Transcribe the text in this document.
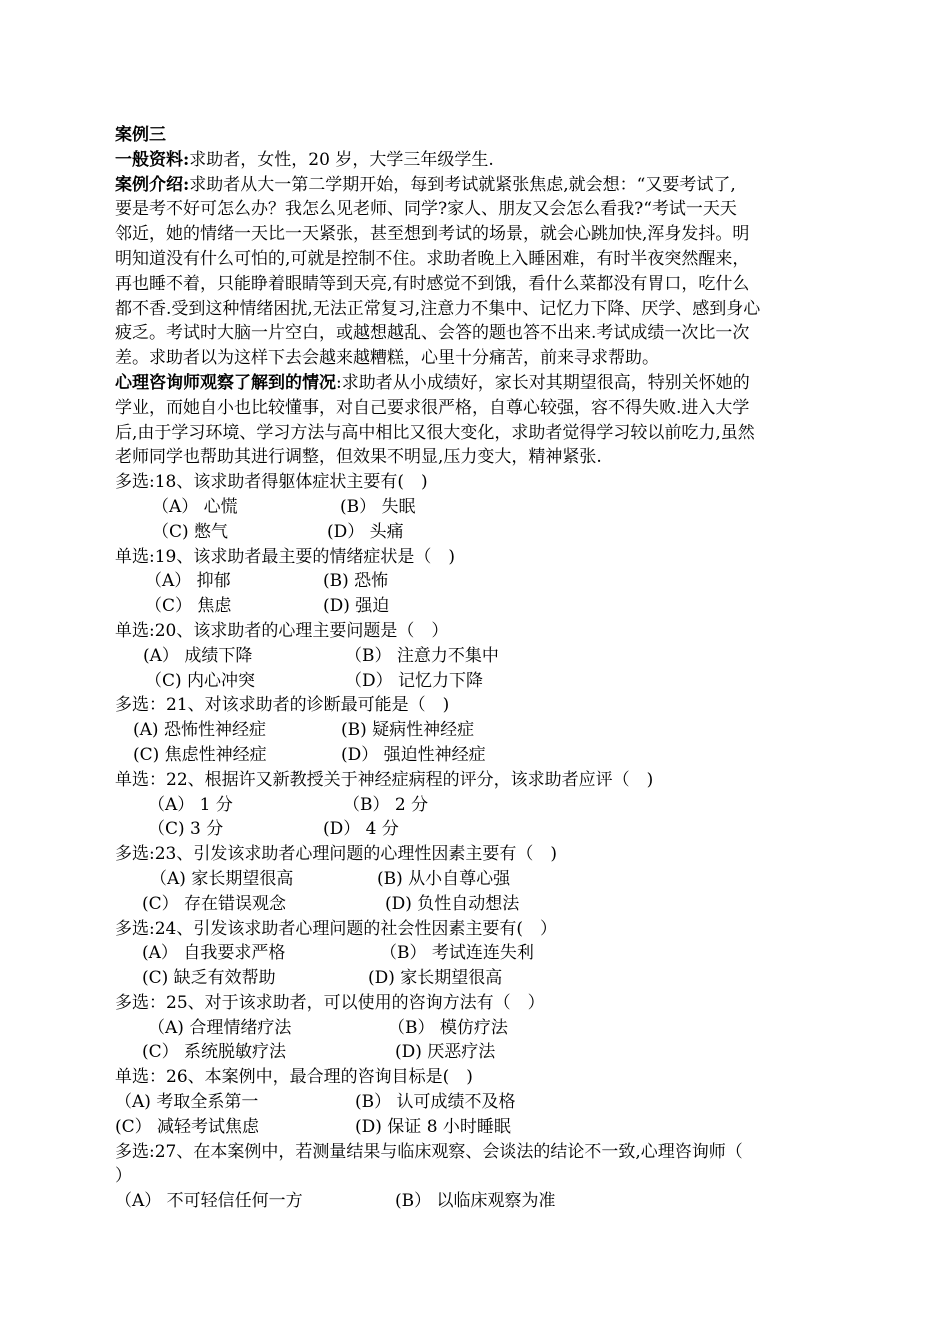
案例三
一般资料:求助者，女性，20 岁，大学三年级学生.
案例介绍:求助者从大一第二学期开始，每到考试就紧张焦虑,就会想：“又要考试了,
要是考不好可怎么办？我怎么见老师、同学?家人、朋友又会怎么看我?“考试一天天
邻近，她的情绪一天比一天紧张，甚至想到考试的场景，就会心跳加快,浑身发抖。明
明知道没有什么可怕的,可就是控制不住。求助者晚上入睡困难，有时半夜突然醒来，
再也睡不着，只能睁着眼睛等到天亮,有时感觉不到饿，看什么菜都没有胃口，吃什么
都不香.受到这种情绪困扰,无法正常复习,注意力不集中、记忆力下降、厌学、感到身心
疲乏。考试时大脑一片空白，或越想越乱、会答的题也答不出来.考试成绩一次比一次
差。求助者以为这样下去会越来越糟糕，心里十分痛苦，前来寻求帮助。
心理咨询师观察了解到的情况:求助者从小成绩好，家长对其期望很高，特别关怀她的
学业，而她自小也比较懂事，对自己要求很严格，自尊心较强，容不得失败.进入大学
后,由于学习环境、学习方法与高中相比又很大变化，求助者觉得学习较以前吃力,虽然
老师同学也帮助其进行调整，但效果不明显,压力变大，精神紧张.
多选:18、该求助者得躯体症状主要有(　)
（A） 心慌	(B） 失眠
（C) 憋气	(D） 头痛
单选:19、该求助者最主要的情绪症状是（　)
（A） 抑郁	(B) 恐怖
（C） 焦虑	(D) 强迫
单选:20、该求助者的心理主要问题是（　）
(A） 成绩下降	（B） 注意力不集中
（C) 内心冲突	（D） 记忆力下降
多选：21、对该求助者的诊断最可能是（　)
(A) 恐怖性神经症	(B) 疑病性神经症
(C) 焦虑性神经症	(D） 强迫性神经症
单选：22、根据许又新教授关于神经症病程的评分，该求助者应评（　)
（A） 1 分	（B） 2 分
（C) 3 分	(D） 4 分
多选:23、引发该求助者心理问题的心理性因素主要有（　)
（A) 家长期望很高	(B) 从小自尊心强
(C） 存在错误观念	(D) 负性自动想法
多选:24、引发该求助者心理问题的社会性因素主要有(　）
(A） 自我要求严格	（B） 考试连连失利
(C) 缺乏有效帮助	(D) 家长期望很高
多选：25、对于该求助者，可以使用的咨询方法有（　）
（A) 合理情绪疗法	（B） 模仿疗法
(C） 系统脱敏疗法	(D) 厌恶疗法
单选：26、本案例中，最合理的咨询目标是(　)
（A) 考取全系第一	(B） 认可成绩不及格
(C） 减轻考试焦虑	(D) 保证 8 小时睡眠
多选:27、在本案例中，若测量结果与临床观察、会谈法的结论不一致,心理咨询师（
）
（A） 不可轻信任何一方	(B） 以临床观察为准
